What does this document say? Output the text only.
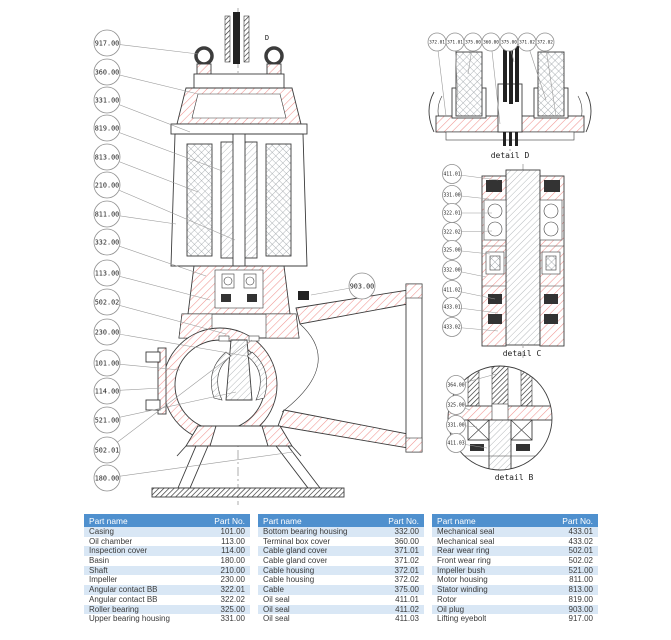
D
detail D
detail C
detail B
917.00
360.00
331.00
819.00
813.00
210.00
811.00
332.00
113.00
502.02
230.00
101.00
114.00
521.00
502.01
180.00
903.00
372.01 371.01 375.00 360.00 375.00 371.02 372.02
411.01
331.00
322.01
322.02
325.00
332.00
411.02
433.01
433.02
364.00
325.00
331.00
411.03
Part name	Part No.
Casing	101.00
Oil chamber	113.00
Inspection cover	114.00
Basin	180.00
Shaft	210.00
Impeller	230.00
Angular contact BB	322.01
Angular contact BB	322.02
Roller bearing	325.00
Upper bearing housing	331.00
Part name	Part No.
Bottom bearing housing	332.00
Terminal box cover	360.00
Cable gland cover	371.01
Cable gland cover	371.02
Cable housing	372.01
Cable housing	372.02
Cable	375.00
Oil seal	411.01
Oil seal	411.02
Oil seal	411.03
Part name	Part No.
Mechanical seal	433.01
Mechanical seal	433.02
Rear wear ring	502.01
Front wear ring	502.02
Impeller bush	521.00
Motor housing	811.00
Stator winding	813.00
Rotor	819.00
Oil plug	903.00
Lifting eyebolt	917.00
